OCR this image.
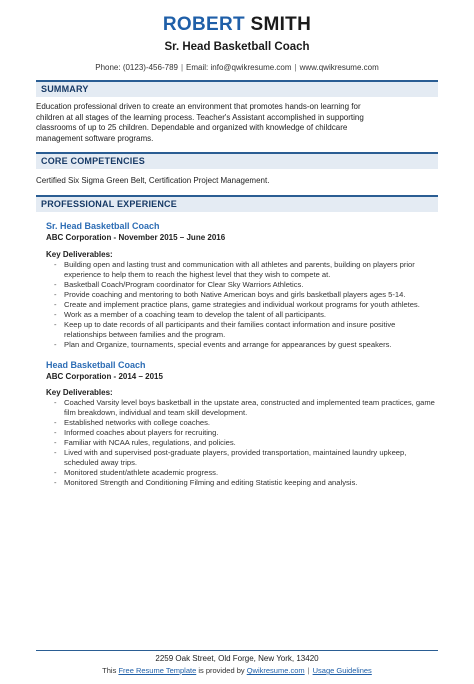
ROBERT SMITH
Sr. Head Basketball Coach
Phone: (0123)-456-789 | Email: info@qwikresume.com | www.qwikresume.com
SUMMARY
Education professional driven to create an environment that promotes hands-on learning for
children at all stages of the learning process. Teacher's Assistant accomplished in supporting
classrooms of up to 25 children. Dependable and organized with knowledge of childcare
management software programs.
CORE COMPETENCIES
Certified Six Sigma Green Belt, Certification Project Management.
PROFESSIONAL EXPERIENCE
Sr. Head Basketball Coach
ABC Corporation - November 2015 – June 2016
Key Deliverables:
- Building open and lasting trust and communication with all athletes and parents, building on players prior experience to help them to reach the highest level that they wish to compete at.
- Basketball Coach/Program coordinator for Clear Sky Warriors Athletics.
- Provide coaching and mentoring to both Native American boys and girls basketball players ages 5-14.
- Create and implement practice plans, game strategies and individual workout programs for youth athletes.
- Work as a member of a coaching team to develop the talent of all participants.
- Keep up to date records of all participants and their families contact information and insure positive relationships between families and the program.
- Plan and Organize, tournaments, special events and arrange for appearances by guest speakers.
Head Basketball Coach
ABC Corporation - 2014 – 2015
Key Deliverables:
- Coached Varsity level boys basketball in the upstate area, constructed and implemented team practices, game film breakdown, individual and team skill development.
- Established networks with college coaches.
- Informed coaches about players for recruiting.
- Familiar with NCAA rules, regulations, and policies.
- Lived with and supervised post-graduate players, provided transportation, maintained laundry upkeep, scheduled away trips.
- Monitored student/athlete academic progress.
- Monitored Strength and Conditioning Filming and editing Statistic keeping and analysis.
2259 Oak Street, Old Forge, New York, 13420
This Free Resume Template is provided by Qwikresume.com | Usage Guidelines
